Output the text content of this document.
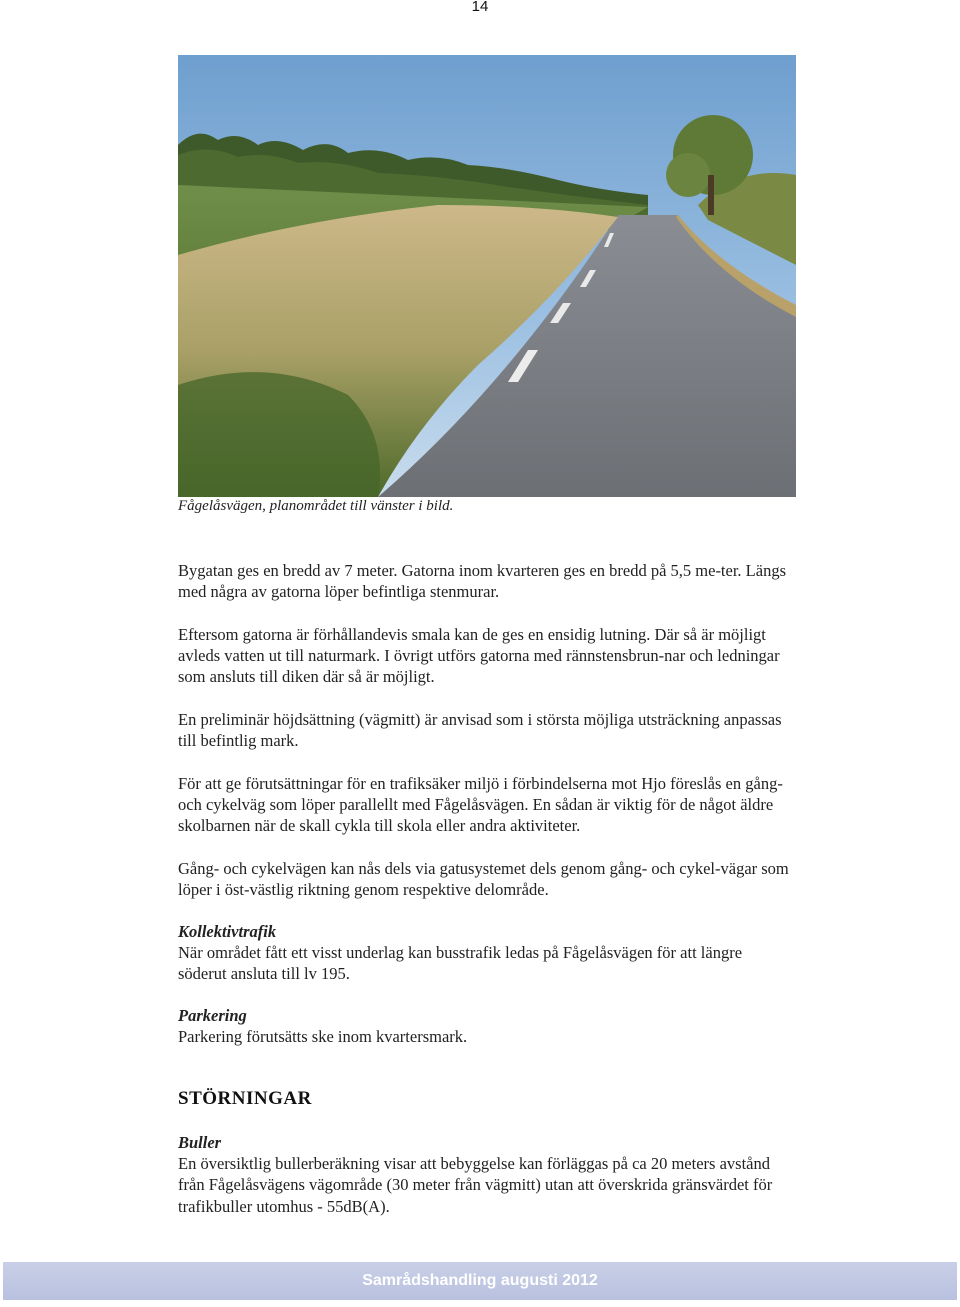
14
Fågelåsvägen, planområdet till vänster i bild.

Bygatan ges en bredd av 7 meter. Gatorna inom kvarteren ges en bredd på 5,5 me-ter. Längs med några av gatorna löper befintliga stenmurar.

Eftersom gatorna är förhållandevis smala kan de ges en ensidig lutning. Där så är möjligt avleds vatten ut till naturmark. I övrigt utförs gatorna med rännstensbrun-nar och ledningar som ansluts till diken där så är möjligt.

En preliminär höjdsättning (vägmitt) är anvisad som i största möjliga utsträckning anpassas till befintlig mark.

För att ge förutsättningar för en trafiksäker miljö i förbindelserna mot Hjo föreslås en gång- och cykelväg som löper parallellt med Fågelåsvägen. En sådan är viktig för de något äldre skolbarnen när de skall cykla till skola eller andra aktiviteter.

Gång- och cykelvägen kan nås dels via gatusystemet dels genom gång- och cykel-vägar som löper i öst-västlig riktning genom respektive delområde.

Kollektivtrafik

När området fått ett visst underlag kan busstrafik ledas på Fågelåsvägen för att längre söderut ansluta till lv 195.

Parkering

Parkering förutsätts ske inom kvartersmark.

STÖRNINGAR
Buller

En översiktlig bullerberäkning visar att bebyggelse kan förläggas på ca 20 meters avstånd från Fågelåsvägens vägområde (30 meter från vägmitt) utan att överskrida gränsvärdet för trafikbuller utomhus - 55dB(A).

Samrådshandling augusti 2012
